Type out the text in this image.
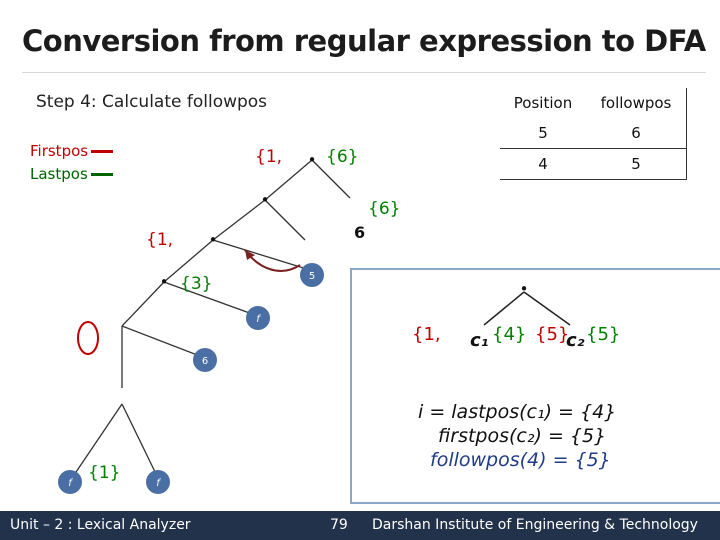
Conversion from regular expression to DFA
Step 4: Calculate followpos
Firstpos
Lastpos
Position	followpos
5	6
4	5
•
•
•
•
{1,	{6}
{6}
6
{1,
{3}	5
f
6
f	f
{1}
•
{1, c₁ {4} {5}
c₂ {5}
i = lastpos(c₁) = {4}
firstpos(c₂) = {5}
followpos(4) = {5}
Unit – 2 : Lexical Analyzer	79 Darshan Institute of Engineering & Technology
